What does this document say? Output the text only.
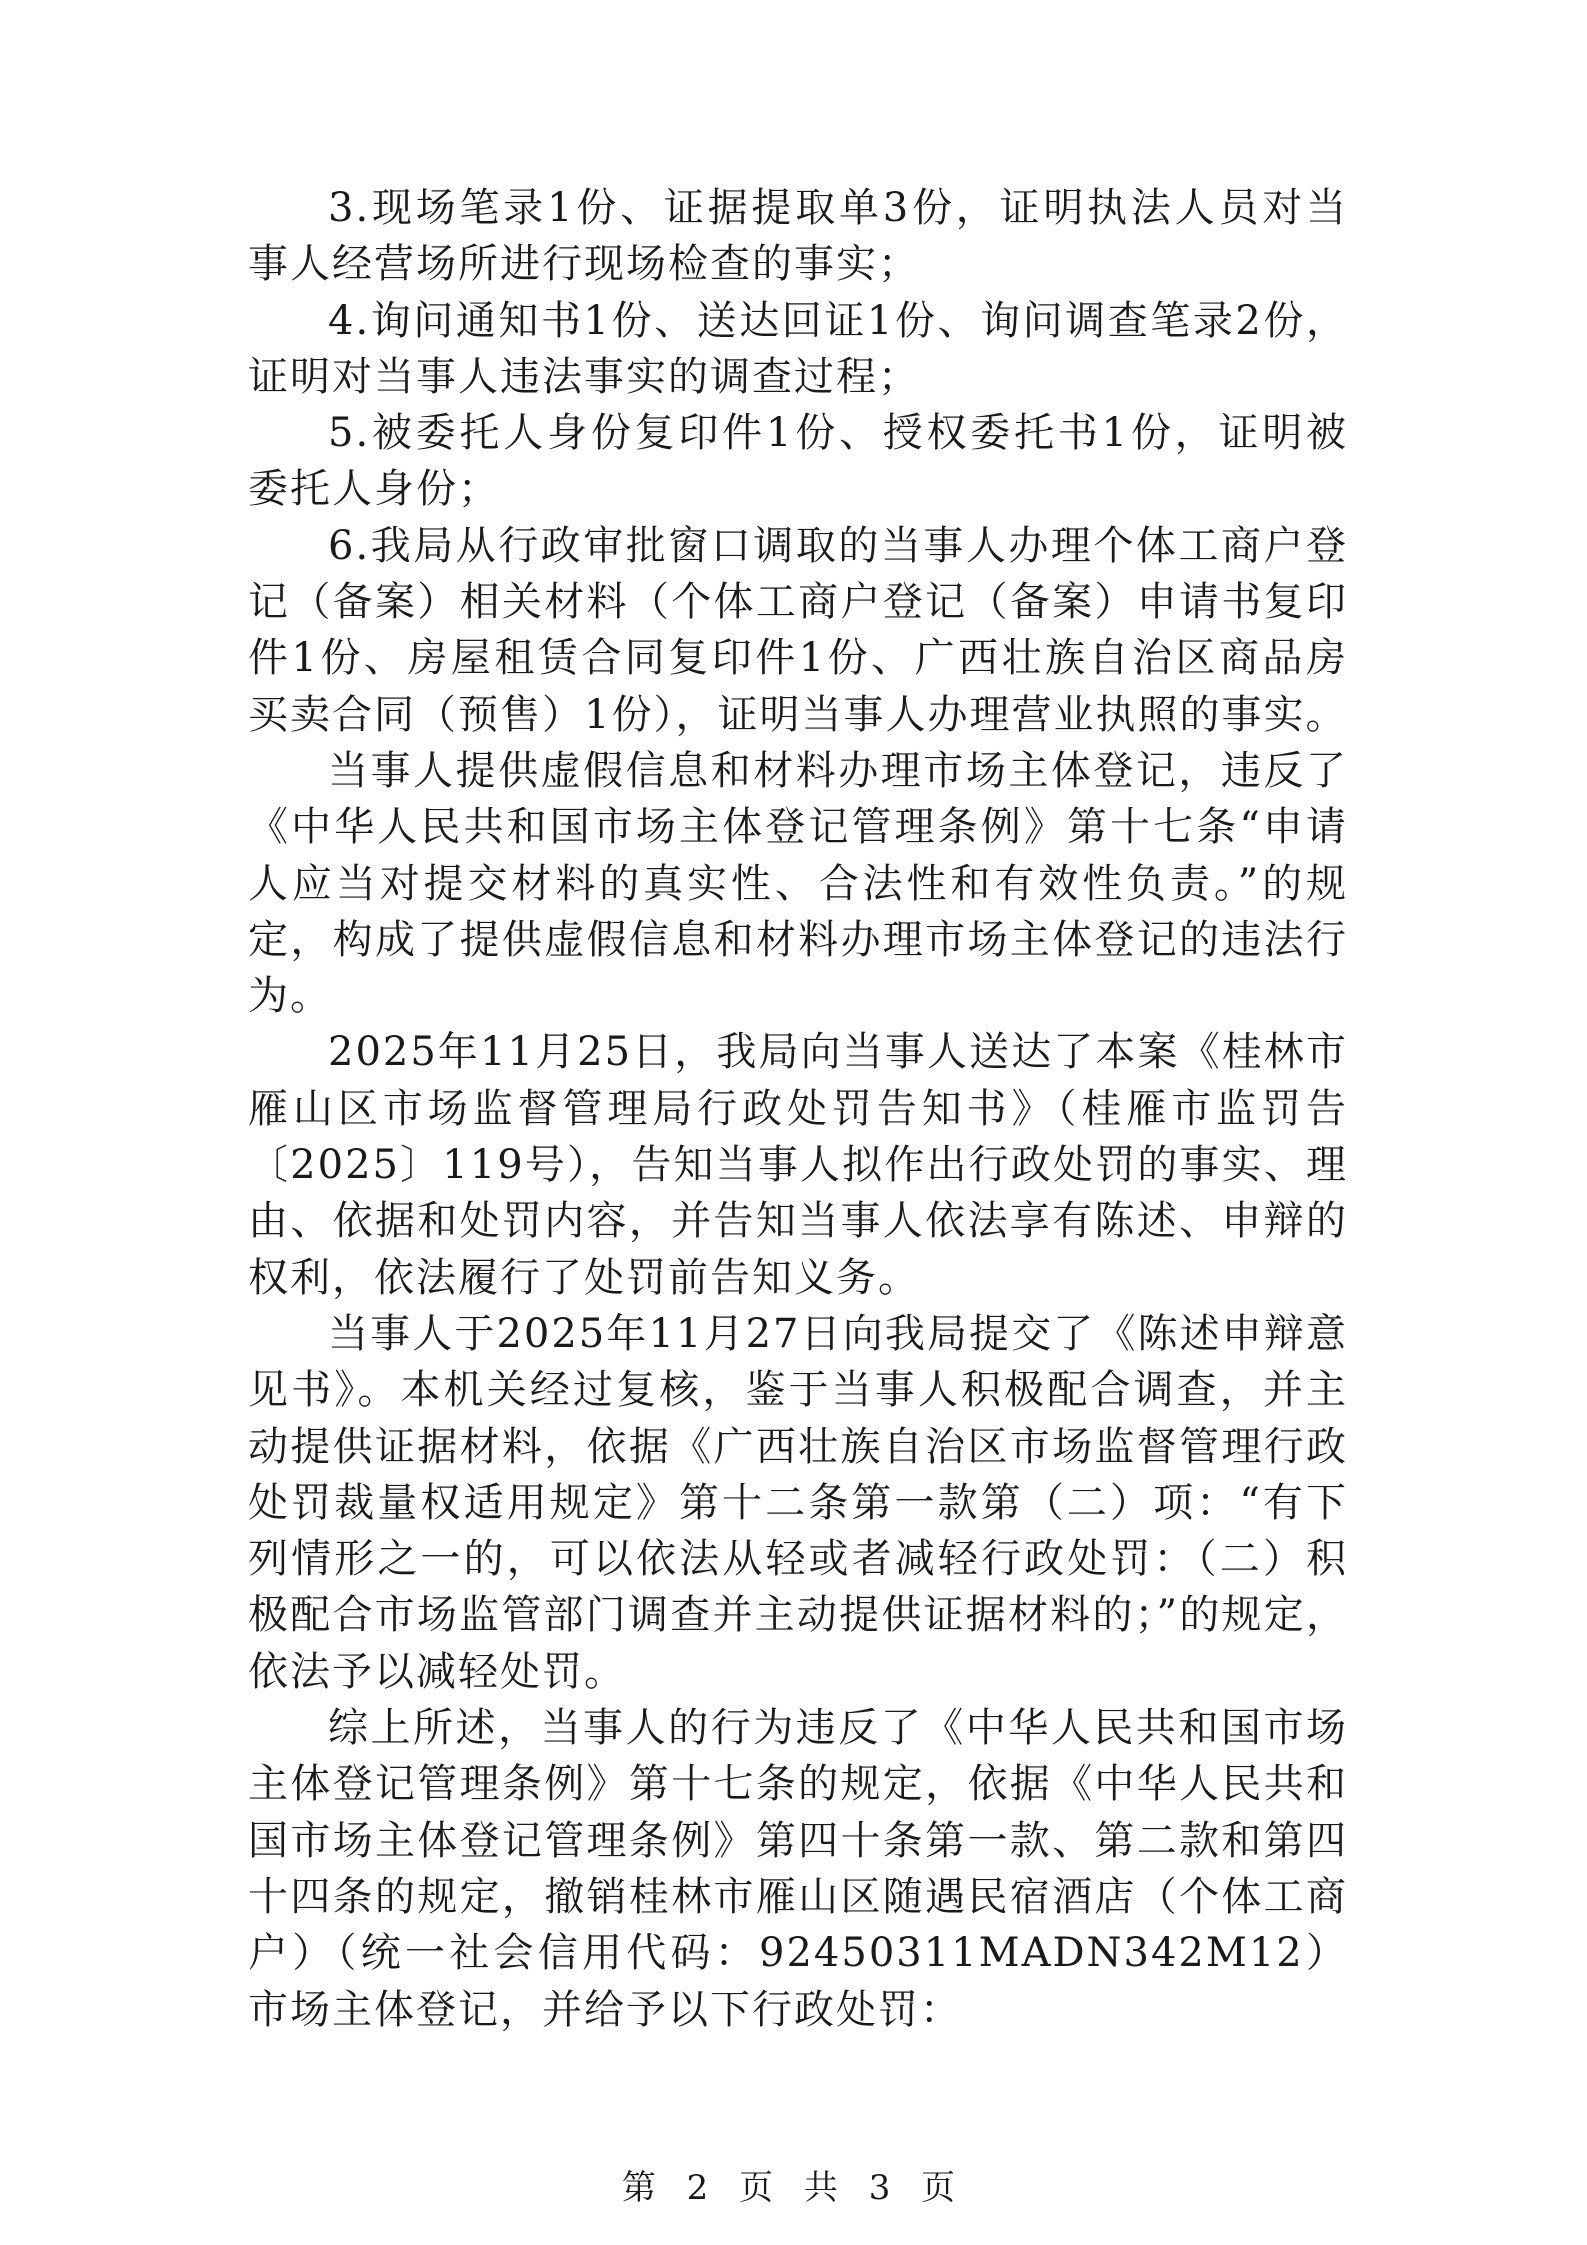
3.现场笔录1份、证据提取单3份，证明执法人员对当事人经营场所进行现场检查的事实；

4.询问通知书1份、送达回证1份、询问调查笔录2份，证明对当事人违法事实的调查过程；

5.被委托人身份复印件1份、授权委托书1份，证明被委托人身份；

6.我局从行政审批窗口调取的当事人办理个体工商户登记（备案）相关材料（个体工商户登记（备案）申请书复印件1份、房屋租赁合同复印件1份、广西壮族自治区商品房买卖合同（预售）1份），证明当事人办理营业执照的事实。

当事人提供虚假信息和材料办理市场主体登记，违反了《中华人民共和国市场主体登记管理条例》第十七条“申请人应当对提交材料的真实性、合法性和有效性负责。”的规定，构成了提供虚假信息和材料办理市场主体登记的违法行为。

2025年11月25日，我局向当事人送达了本案《桂林市雁山区市场监督管理局行政处罚告知书》（桂雁市监罚告〔2025〕119号），告知当事人拟作出行政处罚的事实、理由、依据和处罚内容，并告知当事人依法享有陈述、申辩的权利，依法履行了处罚前告知义务。

当事人于2025年11月27日向我局提交了《陈述申辩意见书》。本机关经过复核，鉴于当事人积极配合调查，并主动提供证据材料，依据《广西壮族自治区市场监督管理行政处罚裁量权适用规定》第十二条第一款第（二）项：“有下列情形之一的，可以依法从轻或者减轻行政处罚：（二）积极配合市场监管部门调查并主动提供证据材料的；”的规定，依法予以减轻处罚。

综上所述，当事人的行为违反了《中华人民共和国市场主体登记管理条例》第十七条的规定，依据《中华人民共和国市场主体登记管理条例》第四十条第一款、第二款和第四十四条的规定，撤销桂林市雁山区随遇民宿酒店（个体工商户）（统一社会信用代码：92450311MADN342M12）市场主体登记，并给予以下行政处罚：

第 2 页 共 3 页
